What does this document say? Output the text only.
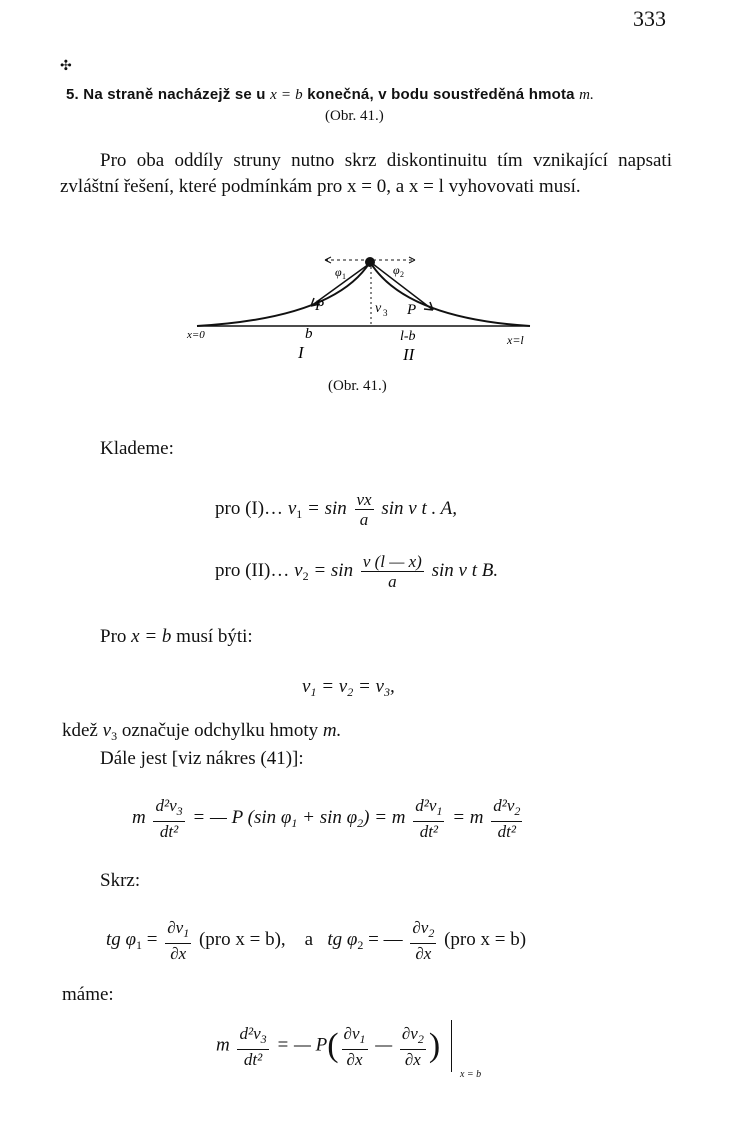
333
✣
5. Na straně nacházejž se u x = b konečná, v bodu soustředěná hmota m.
(Obr. 41.)
Pro oba oddíly struny nutno skrz diskontinuitu tím vznikající napsati zvláštní řešení, které podmínkám pro x = 0, a x = l vyhovovati musí.
x=0	x=l
b
I
l-b
II
P	P
v 3
φ 1	φ 2
(Obr. 41.)
Klademe:
pro (I)… $v_1 = \sin \frac{\nu x}{a}$ sin ν t . A,
pro (II)… $v_2 = \sin \frac{\nu (l — x)}{a}$ sin ν t B.
Pro x = b musí býti:
$v_1 = v_2 = v_3$,
kdež $v_3$ označuje odchylku hmoty m.
Dále jest [viz nákres (41)]:
m $\frac{d^2v_3}{\text{dt²}}$ = — P (sin $\varphi_1 + \sin \varphi_2) = m \frac{d^2v_1}{\text{dt²}} = m \frac{d^2v_2}{\text{dt²}}$
Skrz:
tg $\varphi_1 = \frac{\partial v_1}{\partial x} (pro$ x = b), a tg $\varphi_2$ = — $\frac{\partial v_2}{\partial x} (pro$ x = b)
máme:
m $\frac{d^2v_3}{\text{dt²}}$ = — $P( \frac{\partial v_1}{\partial x}$ — $\frac{\partial v_2}{\partial x}$ )
x = b
